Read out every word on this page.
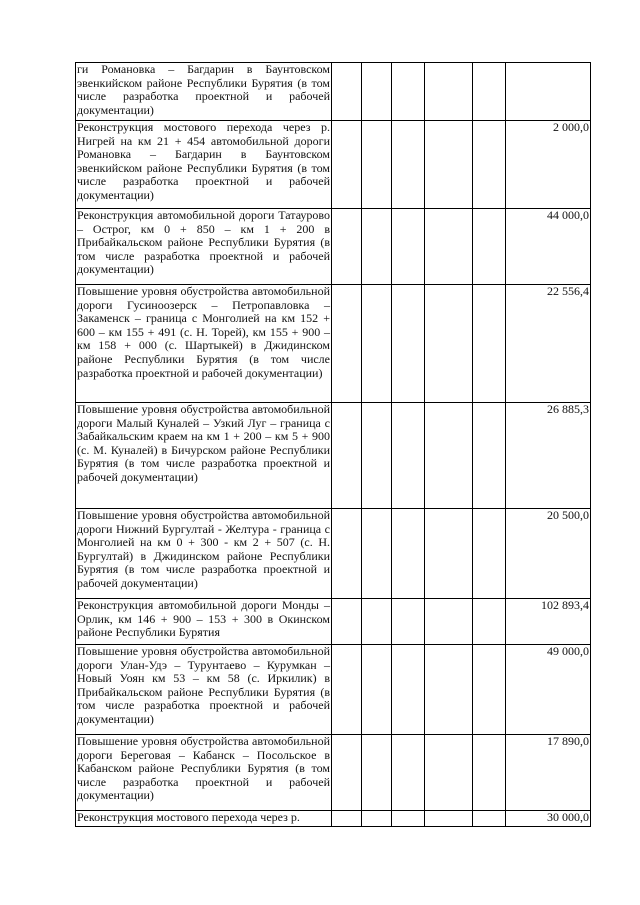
ги Романовка – Багдарин в Баунтовском эвенкийском районе Республики Бурятия (в том числе разработка проектной и рабочей документации)						
Реконструкция мостового перехода через р. Нигрей на км 21 + 454 автомобильной дороги Романовка – Багдарин в Баунтовском эвенкийском районе Республики Бурятия (в том числе разработка проектной и рабочей документации)						2 000,0
Реконструкция автомобильной дороги Татаурово – Острог, км 0 + 850 – км 1 + 200 в Прибайкальском районе Республики Бурятия (в том числе разработка проектной и рабочей документации)						44 000,0
Повышение уровня обустройства автомобильной дороги Гусиноозерск – Петропавловка – Закаменск – граница с Монголией на км 152 + 600 – км 155 + 491 (с. Н. Торей), км 155 + 900 – км 158 + 000 (с. Шартыкей) в Джидинском районе Республики Бурятия (в том числе разработка проектной и рабочей документации)						22 556,4
Повышение уровня обустройства автомобильной дороги Малый Куналей – Узкий Луг – граница с Забайкальским краем на км 1 + 200 – км 5 + 900 (с. М. Куналей) в Бичурском районе Республики Бурятия (в том числе разработка проектной и рабочей документации)						26 885,3
Повышение уровня обустройства автомобильной дороги Нижний Бургултай - Желтура - граница с Монголией на км 0 + 300 - км 2 + 507 (с. Н. Бургултай) в Джидинском районе Республики Бурятия (в том числе разработка проектной и рабочей документации)						20 500,0
Реконструкция автомобильной дороги Монды – Орлик, км 146 + 900 – 153 + 300 в Окинском районе Республики Бурятия						102 893,4
Повышение уровня обустройства автомобильной дороги Улан-Удэ – Турунтаево – Курумкан – Новый Уоян км 53 – км 58 (с. Иркилик) в Прибайкальском районе Республики Бурятия (в том числе разработка проектной и рабочей документации)						49 000,0
Повышение уровня обустройства автомобильной дороги Береговая – Кабанск – Посольское в Кабанском районе Республики Бурятия (в том числе разработка проектной и рабочей документации)						17 890,0
Реконструкция мостового перехода через р.						30 000,0
